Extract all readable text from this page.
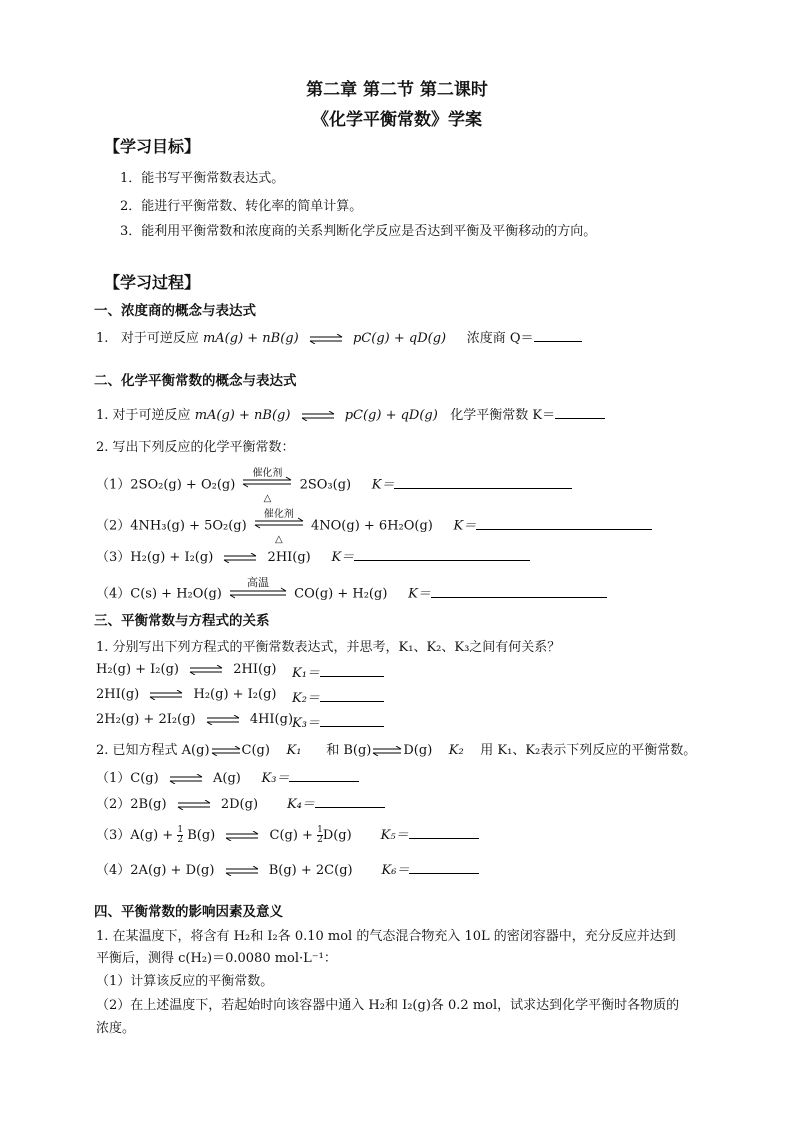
第二章 第二节 第二课时
《化学平衡常数》学案
【学习目标】
1．能书写平衡常数表达式。
2．能进行平衡常数、转化率的简单计算。
3．能利用平衡常数和浓度商的关系判断化学反应是否达到平衡及平衡移动的方向。
【学习过程】
一、浓度商的概念与表达式
1. 对于可逆反应 mA(g) + nB(g) ⇌ pC(g) + qD(g) 浓度商 Q＝
二、化学平衡常数的概念与表达式
1. 对于可逆反应 mA(g) + nB(g) ⇌ pC(g) + qD(g) 化学平衡常数 K＝
2. 写出下列反应的化学平衡常数：
（1）2SO₂(g) + O₂(g)
催化剂
△
2SO₃(g) K＝
（2）4NH₃(g) + 5O₂(g)
催化剂
△
4NO(g) + 6H₂O(g) K＝
（3）H₂(g) + I₂(g) ⇌ 2HI(g) K＝
（4）C(s) + H₂O(g)
高温
CO(g) + H₂(g) K＝
三、平衡常数与方程式的关系
1. 分别写出下列方程式的平衡常数表达式，并思考，K₁、K₂、K₃之间有何关系？
H₂(g) + I₂(g) ⇌ 2HI(g) K₁＝
2HI(g) ⇌ H₂(g) + I₂(g) K₂＝
2H₂(g) + 2I₂(g) ⇌ 4HI(g)
K₃＝
2. 已知方程式 A(g)⇌C(g) K₁ 和 B(g)⇌D(g) K₂ 用 K₁、K₂表示下列反应的平衡常数。
（1）C(g) ⇌ A(g) K₃＝
（2）2B(g) ⇌ 2D(g) K₄＝
$(3)A(g) + \frac{1}{2} B(g)$ ⇌ $C(g) + \frac{1}{2} D(g)$ K₅＝
（4）2A(g) + D(g) ⇌ B(g) + 2C(g) K₆＝
四、平衡常数的影响因素及意义
1. 在某温度下，将含有 H₂和 I₂各 0.10 mol 的气态混合物充入 10L 的密闭容器中，充分反应并达到
平衡后，测得 c(H₂)＝0.0080 mol·L⁻¹：
（1）计算该反应的平衡常数。
（2）在上述温度下，若起始时向该容器中通入 H₂和 I₂(g)各 0.2 mol，试求达到化学平衡时各物质的
浓度。
